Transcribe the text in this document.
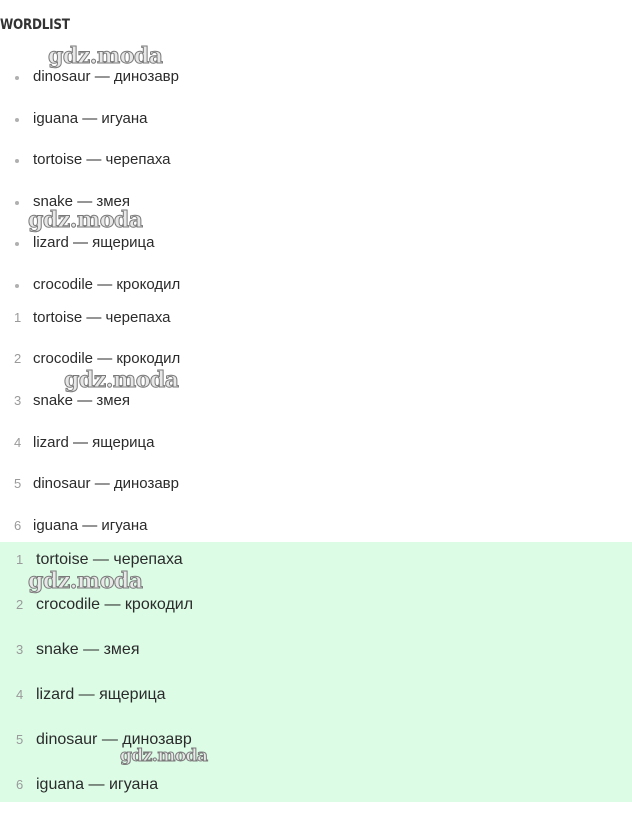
WORDLIST
dinosaur — динозавр
iguana — игуана
tortoise — черепаха
snake — змея
lizard — ящерица
crocodile — крокодил
1 tortoise — черепаха
2 crocodile — крокодил
3 snake — змея
4 lizard — ящерица
5 dinosaur — динозавр
6 iguana — игуана
1 tortoise — черепаха
2 crocodile — крокодил
3 snake — змея
4 lizard — ящерица
5 dinosaur — динозавр
6 iguana — игуана
gdz.moda
gdz.moda
gdz.moda
gdz.moda
gdz.moda
